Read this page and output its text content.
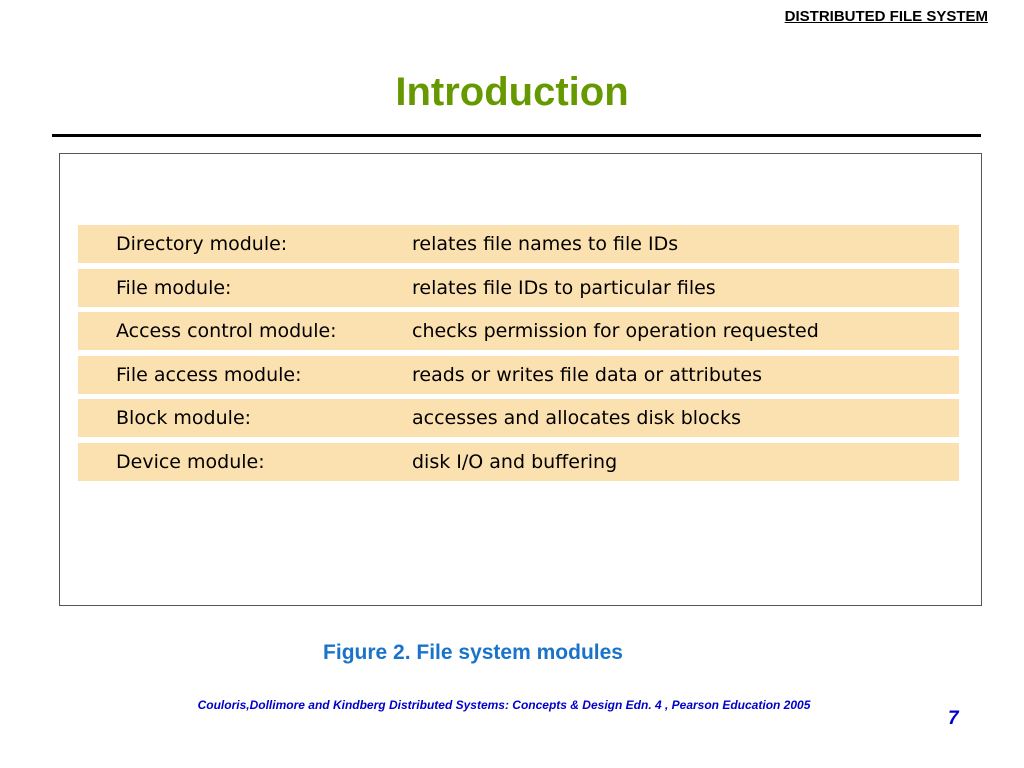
DISTRIBUTED FILE SYSTEM
Introduction
Directory module:	relates file names to file IDs
File module:	relates file IDs to particular files
Access control module:	checks permission for operation requested
File access module:	reads or writes file data or attributes
Block module:	accesses and allocates disk blocks
Device module:	disk I/O and buffering
Figure 2. File system modules
Couloris,Dollimore and Kindberg Distributed Systems: Concepts & Design Edn. 4 , Pearson Education 2005
7
